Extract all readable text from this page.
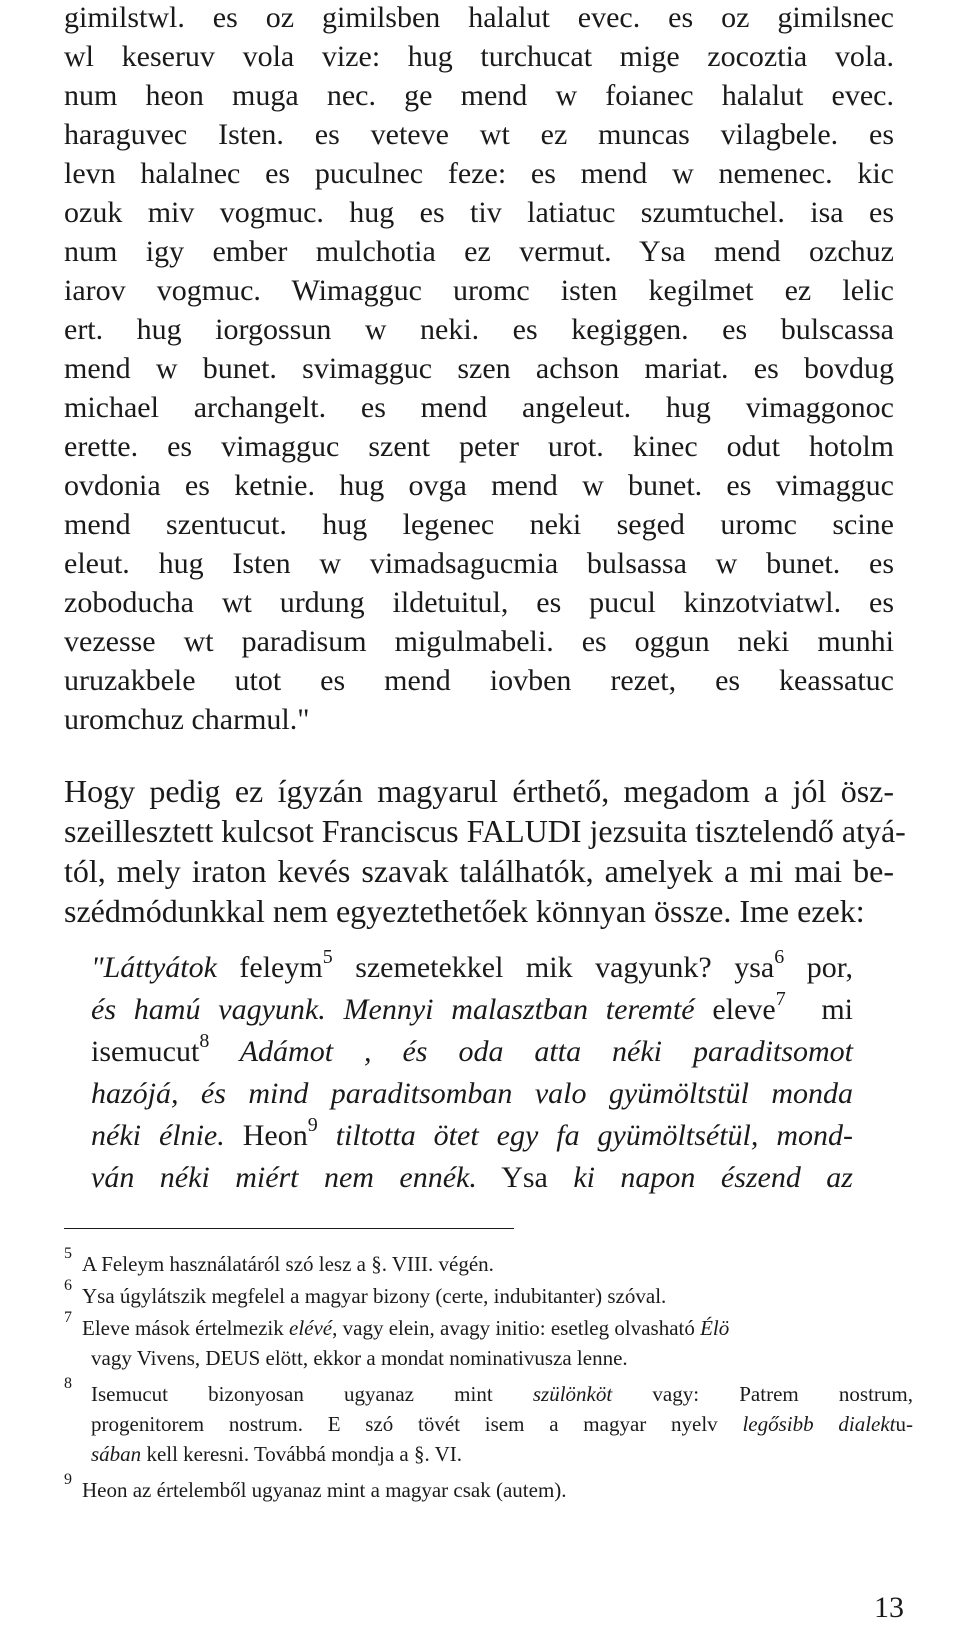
gimilstwl. es oz gimilsben halalut evec. es oz gimilsnec
wl keseruv vola vize: hug turchucat mige zocoztia vola.
num heon muga nec. ge mend w foianec halalut evec.
haraguvec Isten. es veteve wt ez muncas vilagbele. es
levn halalnec es puculnec feze: es mend w nemenec. kic
ozuk miv vogmuc. hug es tiv latiatuc szumtuchel. isa es
num igy ember mulchotia ez vermut. Ysa mend ozchuz
iarov vogmuc. Wimagguc uromc isten kegilmet ez lelic
ert. hug iorgossun w neki. es kegiggen. es bulscassa
mend w bunet. svimagguc szen achson mariat. es bovdug
michael archangelt. es mend angeleut. hug vimaggonoc
erette. es vimagguc szent peter urot. kinec odut hotolm
ovdonia es ketnie. hug ovga mend w bunet. es vimagguc
mend szentucut. hug legenec neki seged uromc scine
eleut. hug Isten w vimadsagucmia bulsassa w bunet. es
zoboducha wt urdung ildetuitul, es pucul kinzotviatwl. es
vezesse wt paradisum migulmabeli. es oggun neki munhi
uruzakbele utot es mend iovben rezet, es keassatuc
uromchuz charmul."
Hogy pedig ez ígyzán magyarul érthető, megadom a jól ösz-
szeillesztett kulcsot Franciscus FALUDI jezsuita tisztelendő atyá-
tól, mely iraton kevés szavak találhatók, amelyek a mi mai be-
szédmódunkkal nem egyeztethetőek könnyan össze. Ime ezek:
"Láttyátok feleym$^5$ szemetekkel mik vagyunk? ysa$^6$ por,
és hamú vagyunk. Mennyi malasztban teremté eleve$^7$  mi
isemucut$^8$ Adámot , és oda atta néki paraditsomot
hazójá, és mind paraditsomban valo gyümöltstül monda
néki élnie. Heon$^9$ tiltotta ötet egy fa gyümöltsétül, mond-
ván néki miért nem ennék. Ysa ki napon észend az
5 A Feleym használatáról szó lesz a §. VIII. végén.
6 Ysa úgylátszik megfelel a magyar bizony (certe, indubitanter) szóval.
7 Eleve mások értelmezik elévé, vagy elein, avagy initio: esetleg olvasható Élö
vagy Vivens, DEUS elött, ekkor a mondat nominativusza lenne.
8 Isemucut bizonyosan ugyanaz mint szülönköt vagy: Patrem nostrum,
progenitorem nostrum. E szó tövét isem a magyar nyelv legősibb dialektu-
sában kell keresni. Továbbá mondja a §. VI.
9 Heon az értelemből ugyanaz mint a magyar csak (autem).
13
